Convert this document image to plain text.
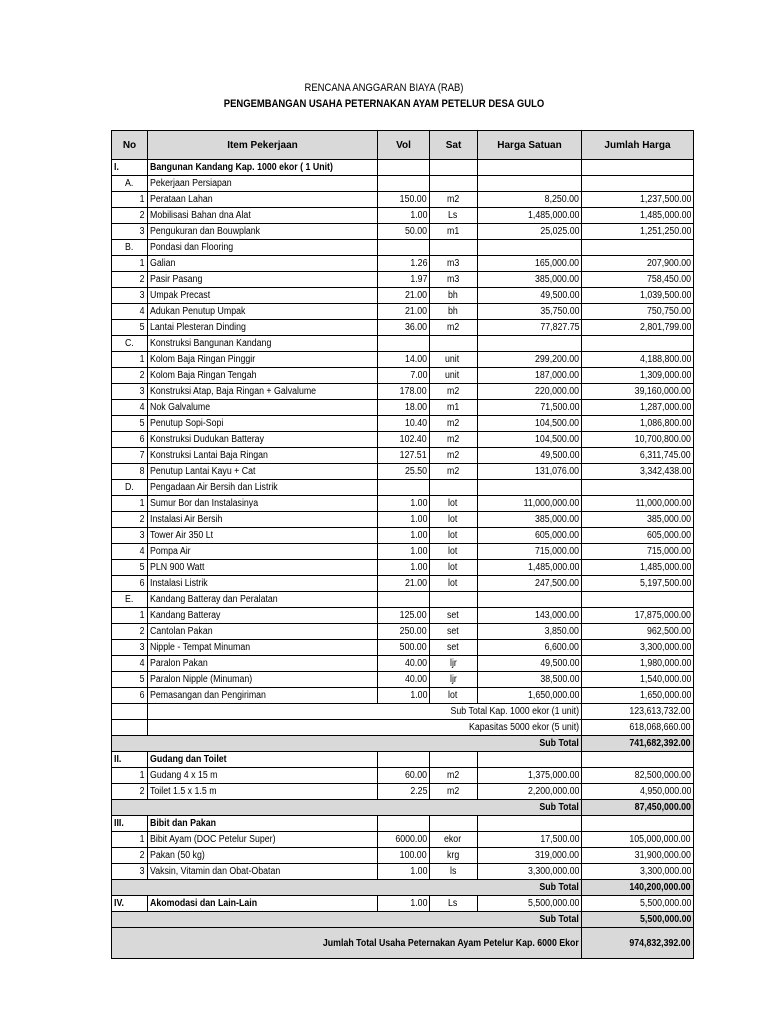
RENCANA ANGGARAN BIAYA (RAB)
PENGEMBANGAN USAHA PETERNAKAN AYAM PETELUR DESA GULO
No	Item Pekerjaan	Vol	Sat	Harga Satuan	Jumlah Harga
I.	Bangunan Kandang Kap. 1000 ekor ( 1 Unit)				
A.	Pekerjaan Persiapan				
1	Perataan Lahan	150.00	m2	8,250.00	1,237,500.00
2	Mobilisasi Bahan dna Alat	1.00	Ls	1,485,000.00	1,485,000.00
3	Pengukuran dan Bouwplank	50.00	m1	25,025.00	1,251,250.00
B.	Pondasi dan Flooring				
1	Galian	1.26	m3	165,000.00	207,900.00
2	Pasir Pasang	1.97	m3	385,000.00	758,450.00
3	Umpak Precast	21.00	bh	49,500.00	1,039,500.00
4	Adukan Penutup Umpak	21.00	bh	35,750.00	750,750.00
5	Lantai Plesteran Dinding	36.00	m2	77,827.75	2,801,799.00
C.	Konstruksi Bangunan Kandang				
1	Kolom Baja Ringan Pinggir	14.00	unit	299,200.00	4,188,800.00
2	Kolom Baja Ringan Tengah	7.00	unit	187,000.00	1,309,000.00
3	Konstruksi Atap, Baja Ringan + Galvalume	178.00	m2	220,000.00	39,160,000.00
4	Nok Galvalume	18.00	m1	71,500.00	1,287,000.00
5	Penutup Sopi-Sopi	10.40	m2	104,500.00	1,086,800.00
6	Konstruksi Dudukan Batteray	102.40	m2	104,500.00	10,700,800.00
7	Konstruksi Lantai Baja Ringan	127.51	m2	49,500.00	6,311,745.00
8	Penutup Lantai Kayu + Cat	25.50	m2	131,076.00	3,342,438.00
D.	Pengadaan Air Bersih dan Listrik				
1	Sumur Bor dan Instalasinya	1.00	lot	11,000,000.00	11,000,000.00
2	Instalasi Air Bersih	1.00	lot	385,000.00	385,000.00
3	Tower Air 350 Lt	1.00	lot	605,000.00	605,000.00
4	Pompa Air	1.00	lot	715,000.00	715,000.00
5	PLN 900 Watt	1.00	lot	1,485,000.00	1,485,000.00
6	Instalasi Listrik	21.00	lot	247,500.00	5,197,500.00
E.	Kandang Batteray dan Peralatan				
1	Kandang Batteray	125.00	set	143,000.00	17,875,000.00
2	Cantolan Pakan	250.00	set	3,850.00	962,500.00
3	Nipple - Tempat Minuman	500.00	set	6,600.00	3,300,000.00
4	Paralon Pakan	40.00	ljr	49,500.00	1,980,000.00
5	Paralon Nipple (Minuman)	40.00	ljr	38,500.00	1,540,000.00
6	Pemasangan dan Pengiriman	1.00	lot	1,650,000.00	1,650,000.00
	Sub Total Kap. 1000 ekor (1 unit)				123,613,732.00
	Kapasitas 5000 ekor (5 unit)				618,068,660.00
Sub Total					741,682,392.00
II.	Gudang dan Toilet				
1	Gudang 4 x 15 m	60.00	m2	1,375,000.00	82,500,000.00
2	Toilet 1.5 x 1.5 m	2.25	m2	2,200,000.00	4,950,000.00
Sub Total					87,450,000.00
III.	Bibit dan Pakan				
1	Bibit Ayam (DOC Petelur Super)	6000.00	ekor	17,500.00	105,000,000.00
2	Pakan (50 kg)	100.00	krg	319,000.00	31,900,000.00
3	Vaksin, Vitamin dan Obat-Obatan	1.00	ls	3,300,000.00	3,300,000.00
Sub Total					140,200,000.00
IV.	Akomodasi dan Lain-Lain	1.00	Ls	5,500,000.00	5,500,000.00
Sub Total					5,500,000.00
Jumlah Total Usaha Peternakan Ayam Petelur Kap. 6000 Ekor					974,832,392.00
